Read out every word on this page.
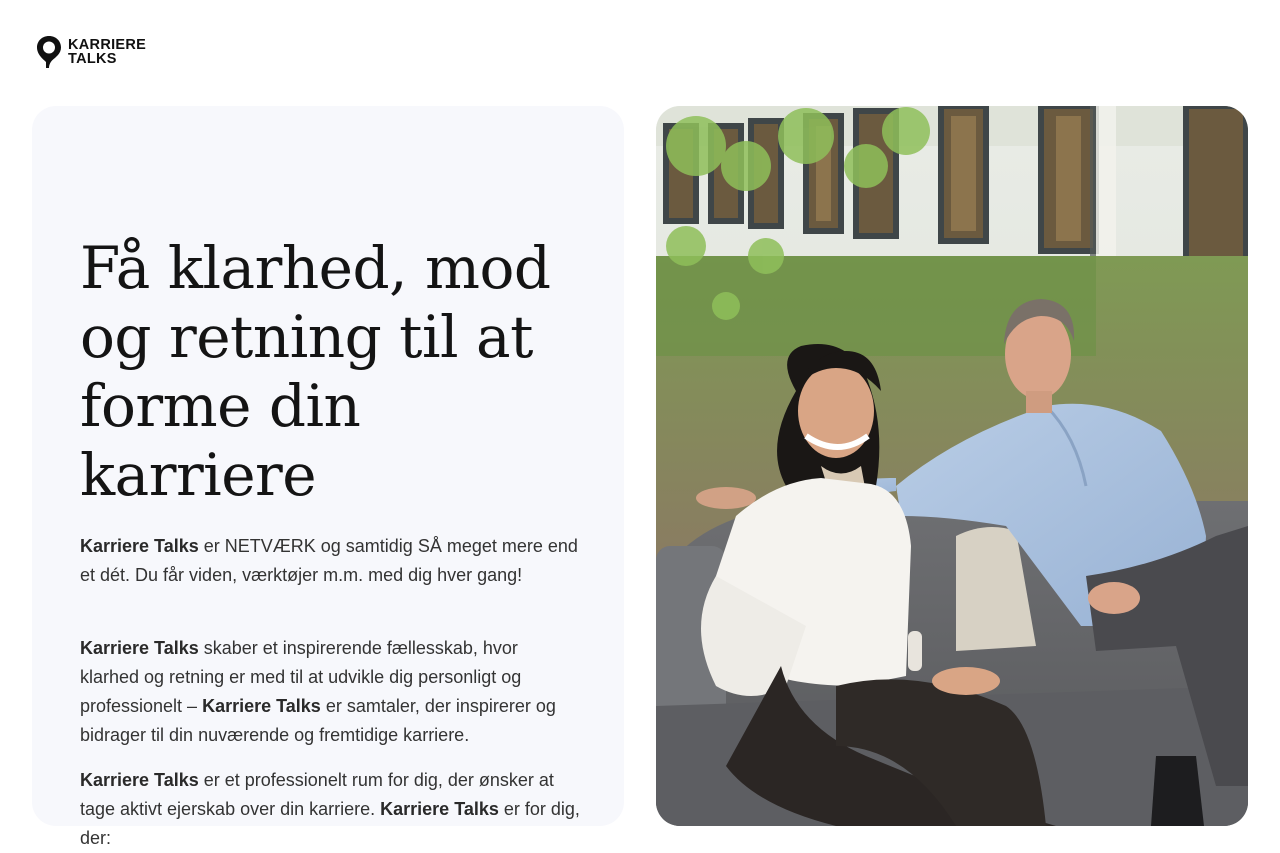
KARRIERE
TALKS
Få klarhed, mod og retning til at forme din karriere

Karriere Talks er NETVÆRK og samtidig SÅ meget mere end et dét. Du får viden, værktøjer m.m. med dig hver gang!

Karriere Talks skaber et inspirerende fællesskab, hvor klarhed og retning er med til at udvikle dig personligt og professionelt – Karriere Talks er samtaler, der inspirerer og bidrager til din nuværende og fremtidige karriere.

Karriere Talks er et professionelt rum for dig, der ønsker at tage aktivt ejerskab over din karriere. Karriere Talks er for dig, der:
